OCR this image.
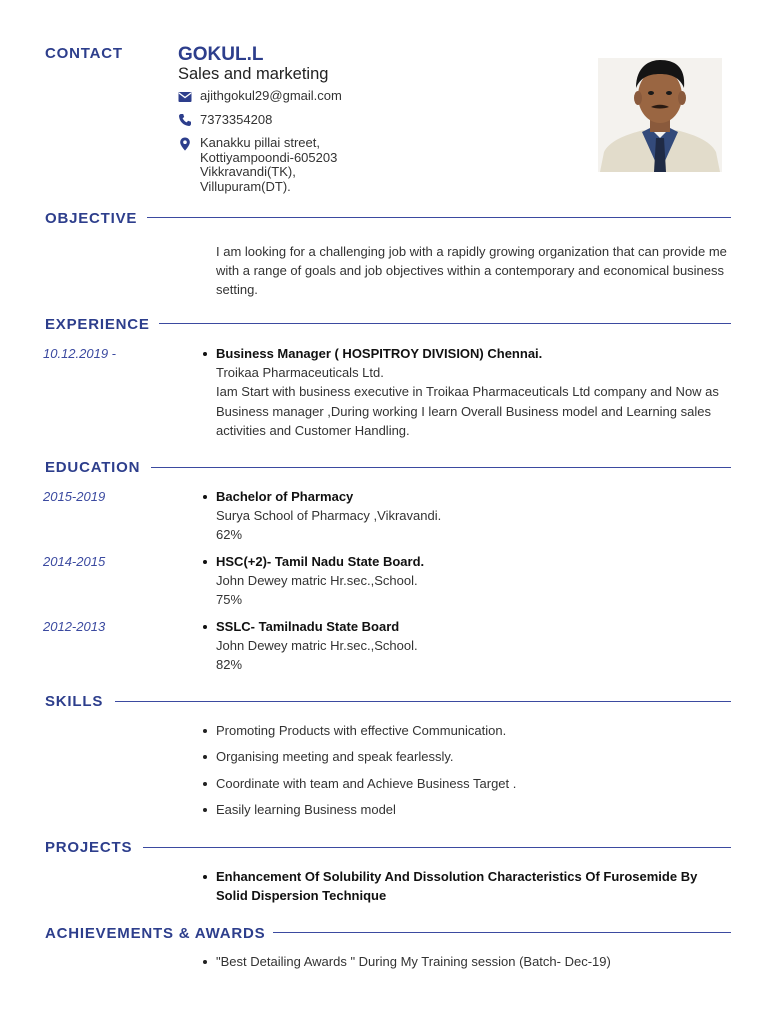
CONTACT	GOKUL.L
Sales and marketing
ajithgokul29@gmail.com
7373354208
Kanakku pillai street,
Kottiyampoondi-605203
Vikkravandi(TK),
Villupuram(DT).
OBJECTIVE
I am looking for a challenging job with a rapidly growing organization that can provide me with a range of goals and job objectives within a contemporary and economical business setting.
EXPERIENCE
10.12.2019 -	Business Manager ( HOSPITROY DIVISION) Chennai.
Troikaa Pharmaceuticals Ltd.
Iam Start with business executive in Troikaa Pharmaceuticals Ltd company and Now as Business manager ,During working I learn Overall Business model and Learning sales activities and Customer Handling.
EDUCATION
2015-2019	Bachelor of Pharmacy
Surya School of Pharmacy ,Vikravandi.
62%
2014-2015	HSC(+2)- Tamil Nadu State Board.
John Dewey matric Hr.sec.,School.
75%
2012-2013	SSLC- Tamilnadu State Board
John Dewey matric Hr.sec.,School.
82%
SKILLS
Promoting Products with effective Communication.
Organising meeting and speak fearlessly.
Coordinate with team and Achieve Business Target .
Easily learning Business model
PROJECTS
Enhancement Of Solubility And Dissolution Characteristics Of Furosemide By Solid Dispersion Technique
ACHIEVEMENTS & AWARDS
"Best Detailing Awards " During My Training session (Batch- Dec-19)
